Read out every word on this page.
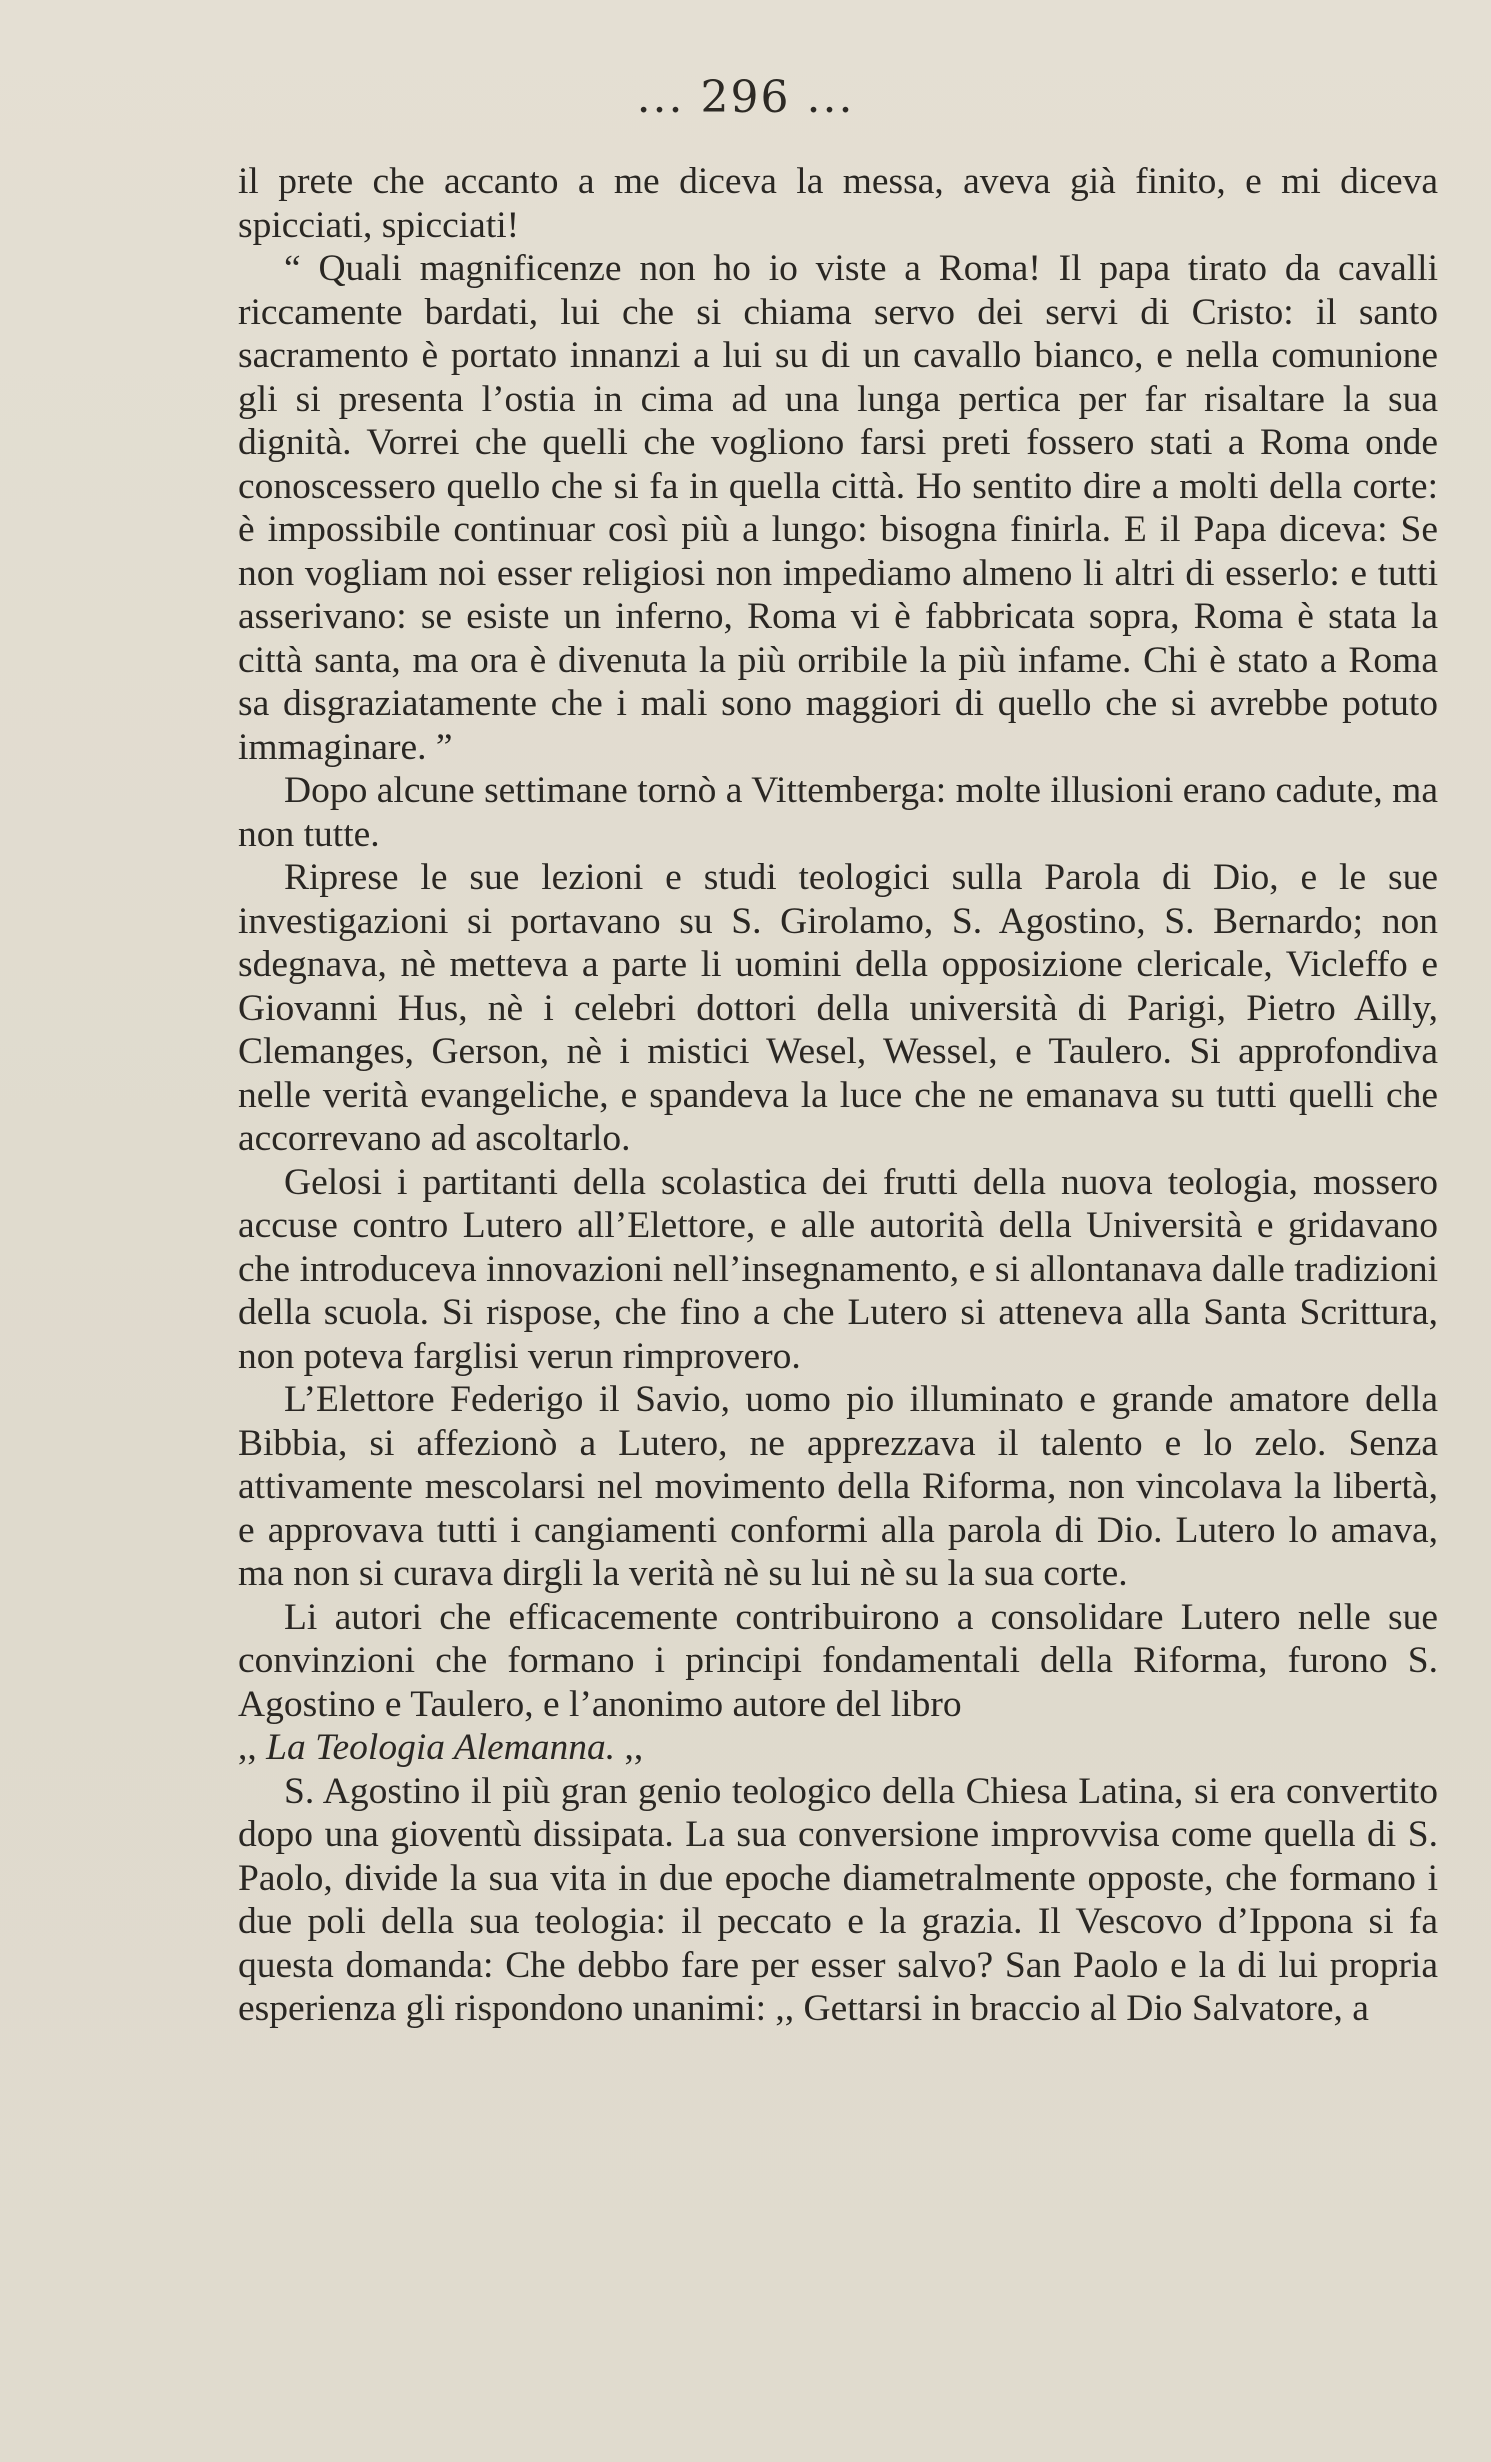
... 296 ...

il prete che accanto a me diceva la messa, aveva già finito, e mi diceva spicciati, spicciati!

“ Quali magnificenze non ho io viste a Roma! Il papa tirato da cavalli riccamente bardati, lui che si chiama servo dei servi di Cristo: il santo sacramento è portato innanzi a lui su di un cavallo bianco, e nella comunione gli si presenta l’ostia in cima ad una lunga pertica per far risaltare la sua dignità. Vorrei che quelli che vogliono farsi preti fossero stati a Roma onde conoscessero quello che si fa in quella città. Ho sentito dire a molti della corte: è impossibile continuar così più a lungo: bisogna finirla. E il Papa diceva: Se non vogliam noi esser religiosi non impediamo almeno li altri di esserlo: e tutti asserivano: se esiste un inferno, Roma vi è fabbricata sopra, Roma è stata la città santa, ma ora è divenuta la più orribile la più infame. Chi è stato a Roma sa disgraziatamente che i mali sono maggiori di quello che si avrebbe potuto immaginare. ”

Dopo alcune settimane tornò a Vittemberga: molte illusioni erano cadute, ma non tutte.

Riprese le sue lezioni e studi teologici sulla Parola di Dio, e le sue investigazioni si portavano su S. Girolamo, S. Agostino, S. Bernardo; non sdegnava, nè metteva a parte li uomini della opposizione clericale, Vicleffo e Giovanni Hus, nè i celebri dottori della università di Parigi, Pietro Ailly, Clemanges, Gerson, nè i mistici Wesel, Wessel, e Taulero. Si approfondiva nelle verità evangeliche, e spandeva la luce che ne emanava su tutti quelli che accorrevano ad ascoltarlo.

Gelosi i partitanti della scolastica dei frutti della nuova teologia, mossero accuse contro Lutero all’Elettore, e alle autorità della Università e gridavano che introduceva innovazioni nell’insegnamento, e si allontanava dalle tradizioni della scuola. Si rispose, che fino a che Lutero si atteneva alla Santa Scrittura, non poteva farglisi verun rimprovero.

L’Elettore Federigo il Savio, uomo pio illuminato e grande amatore della Bibbia, si affezionò a Lutero, ne apprezzava il talento e lo zelo. Senza attivamente mescolarsi nel movimento della Riforma, non vincolava la libertà, e approvava tutti i cangiamenti conformi alla parola di Dio. Lutero lo amava, ma non si curava dirgli la verità nè su lui nè su la sua corte.

Li autori che efficacemente contribuirono a consolidare Lutero nelle sue convinzioni che formano i principi fondamentali della Riforma, furono S. Agostino e Taulero, e l’anonimo autore del libro
,, La Teologia Alemanna. ,,

S. Agostino il più gran genio teologico della Chiesa Latina, si era convertito dopo una gioventù dissipata. La sua conversione improvvisa come quella di S. Paolo, divide la sua vita in due epoche diametralmente opposte, che formano i due poli della sua teologia: il peccato e la grazia. Il Vescovo d’Ippona si fa questa domanda: Che debbo fare per esser salvo? San Paolo e la di lui propria esperienza gli rispondono unanimi: ,, Gettarsi in braccio al Dio Salvatore, a
